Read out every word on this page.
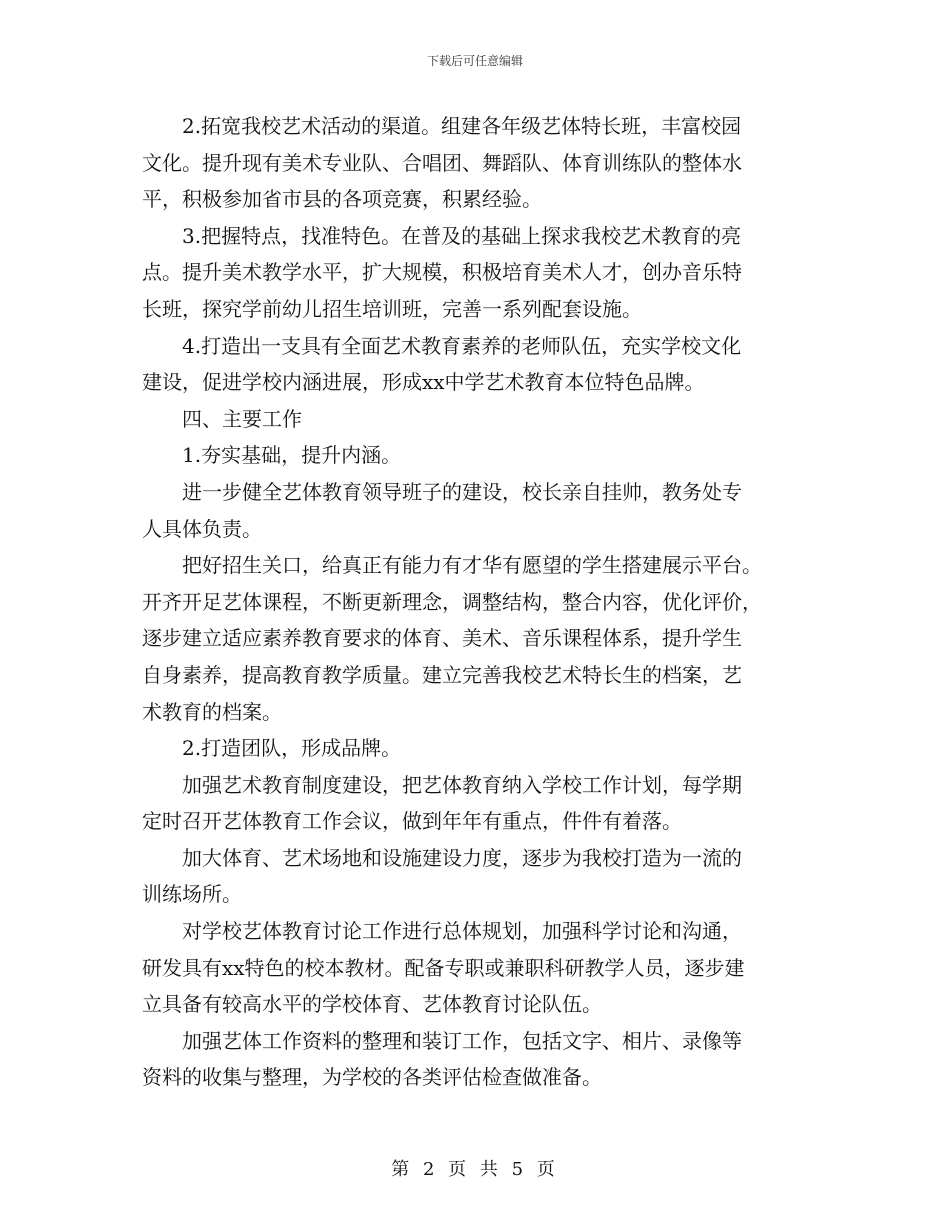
下载后可任意编辑

　　2.拓宽我校艺术活动的渠道。组建各年级艺体特长班，丰富校园

文化。提升现有美术专业队、合唱团、舞蹈队、体育训练队的整体水

平，积极参加省市县的各项竞赛，积累经验。

　　3.把握特点，找准特色。在普及的基础上探求我校艺术教育的亮

点。提升美术教学水平，扩大规模，积极培育美术人才，创办音乐特

长班，探究学前幼儿招生培训班，完善一系列配套设施。

　　4.打造出一支具有全面艺术教育素养的老师队伍，充实学校文化

建设，促进学校内涵进展，形成xx中学艺术教育本位特色品牌。

　　四、主要工作

　　1.夯实基础，提升内涵。

　　进一步健全艺体教育领导班子的建设，校长亲自挂帅，教务处专

人具体负责。

　　把好招生关口，给真正有能力有才华有愿望的学生搭建展示平台。

开齐开足艺体课程，不断更新理念，调整结构，整合内容，优化评价，

逐步建立适应素养教育要求的体育、美术、音乐课程体系，提升学生

自身素养，提高教育教学质量。建立完善我校艺术特长生的档案，艺

术教育的档案。

　　2.打造团队，形成品牌。

　　加强艺术教育制度建设，把艺体教育纳入学校工作计划，每学期

定时召开艺体教育工作会议，做到年年有重点，件件有着落。

　　加大体育、艺术场地和设施建设力度，逐步为我校打造为一流的

训练场所。

　　对学校艺体教育讨论工作进行总体规划，加强科学讨论和沟通，

研发具有xx特色的校本教材。配备专职或兼职科研教学人员，逐步建

立具备有较高水平的学校体育、艺体教育讨论队伍。

　　加强艺体工作资料的整理和装订工作，包括文字、相片、录像等

资料的收集与整理，为学校的各类评估检查做准备。

第 2 页 共 5 页
